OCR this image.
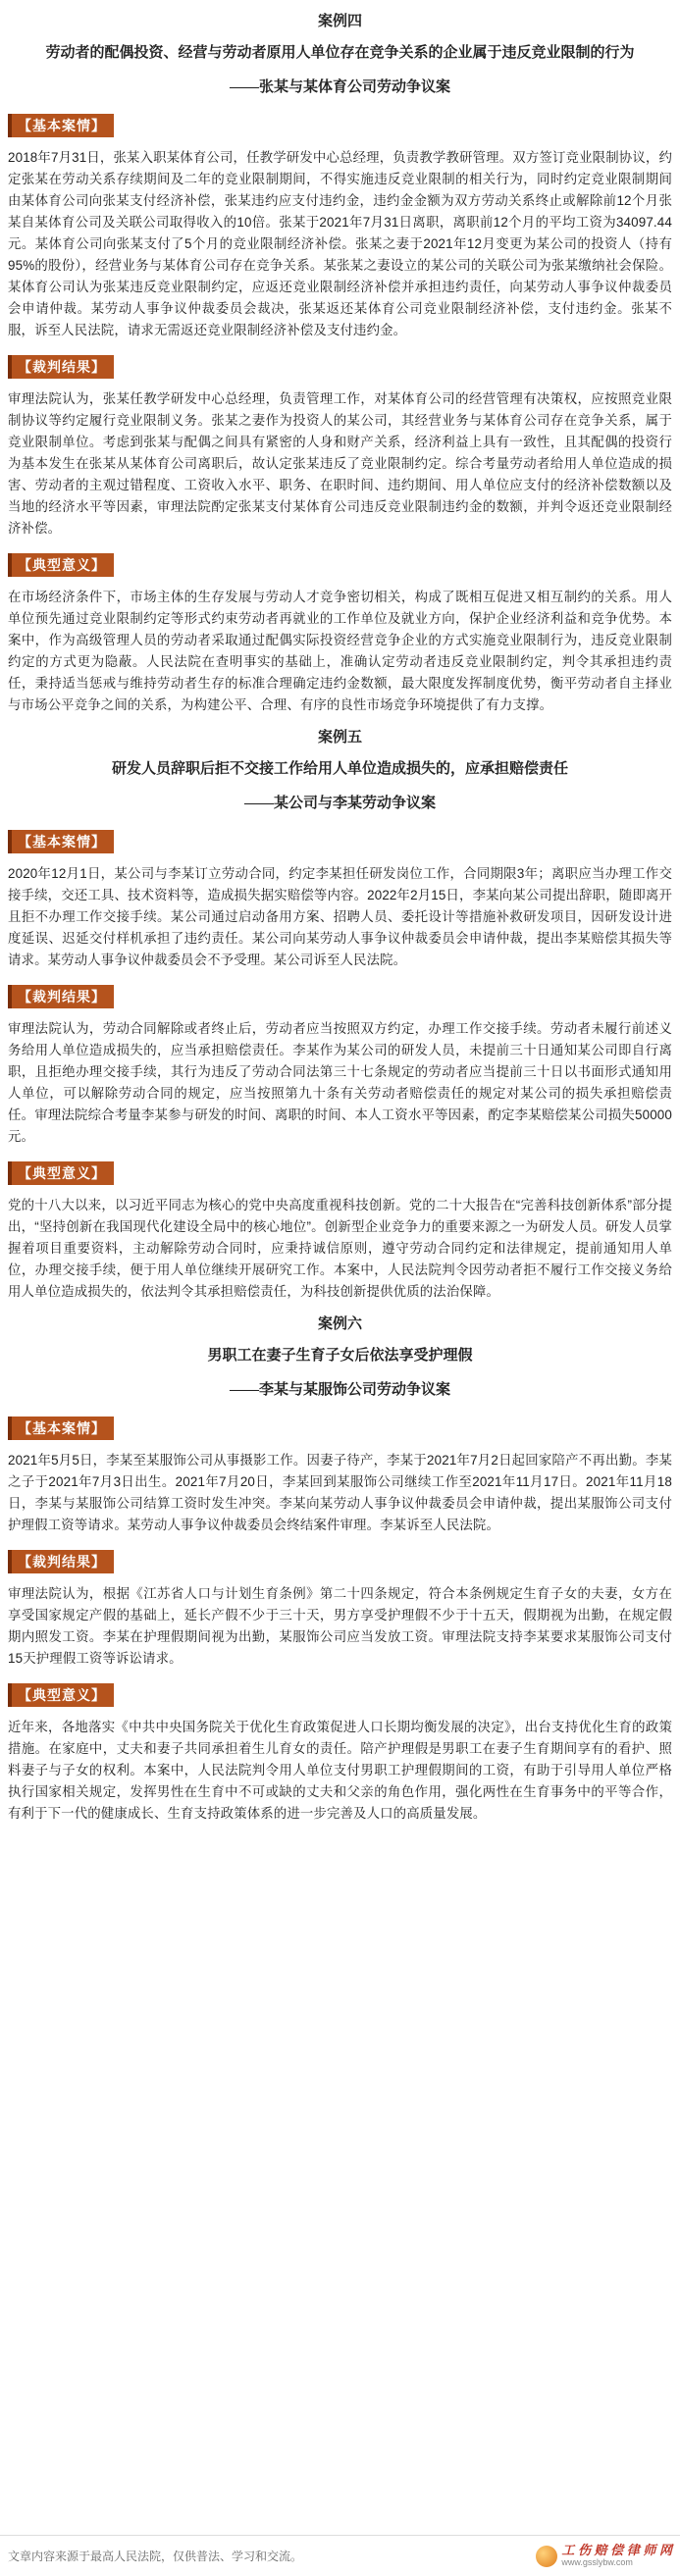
案例四
劳动者的配偶投资、经营与劳动者原用人单位存在竞争关系的企业属于违反竞业限制的行为
——张某与某体育公司劳动争议案
【基本案情】

2018年7月31日，张某入职某体育公司，任教学研发中心总经理，负责教学教研管理。双方签订竞业限制协议，约定张某在劳动关系存续期间及二年的竞业限制期间，不得实施违反竞业限制的相关行为，同时约定竞业限制期间由某体育公司向张某支付经济补偿，张某违约应支付违约金，违约金金额为双方劳动关系终止或解除前12个月张某自某体育公司及关联公司取得收入的10倍。张某于2021年7月31日离职，离职前12个月的平均工资为34097.44元。某体育公司向张某支付了5个月的竞业限制经济补偿。张某之妻于2021年12月变更为某公司的投资人（持有95%的股份），经营业务与某体育公司存在竞争关系。某张某之妻设立的某公司的关联公司为张某缴纳社会保险。某体育公司认为张某违反竞业限制约定，应返还竞业限制经济补偿并承担违约责任，向某劳动人事争议仲裁委员会申请仲裁。某劳动人事争议仲裁委员会裁决，张某返还某体育公司竞业限制经济补偿，支付违约金。张某不服，诉至人民法院，请求无需返还竞业限制经济补偿及支付违约金。

【裁判结果】

审理法院认为，张某任教学研发中心总经理，负责管理工作，对某体育公司的经营管理有决策权，应按照竞业限制协议等约定履行竞业限制义务。张某之妻作为投资人的某公司，其经营业务与某体育公司存在竞争关系，属于竞业限制单位。考虑到张某与配偶之间具有紧密的人身和财产关系，经济利益上具有一致性，且其配偶的投资行为基本发生在张某从某体育公司离职后，故认定张某违反了竞业限制约定。综合考量劳动者给用人单位造成的损害、劳动者的主观过错程度、工资收入水平、职务、在职时间、违约期间、用人单位应支付的经济补偿数额以及当地的经济水平等因素，审理法院酌定张某支付某体育公司违反竞业限制违约金的数额，并判令返还竞业限制经济补偿。

【典型意义】

在市场经济条件下，市场主体的生存发展与劳动人才竞争密切相关，构成了既相互促进又相互制约的关系。用人单位预先通过竞业限制约定等形式约束劳动者再就业的工作单位及就业方向，保护企业经济利益和竞争优势。本案中，作为高级管理人员的劳动者采取通过配偶实际投资经营竞争企业的方式实施竞业限制行为，违反竞业限制约定的方式更为隐蔽。人民法院在查明事实的基础上，准确认定劳动者违反竞业限制约定，判令其承担违约责任，秉持适当惩戒与维持劳动者生存的标准合理确定违约金数额，最大限度发挥制度优势，衡平劳动者自主择业与市场公平竞争之间的关系，为构建公平、合理、有序的良性市场竞争环境提供了有力支撑。

案例五
研发人员辞职后拒不交接工作给用人单位造成损失的，应承担赔偿责任
——某公司与李某劳动争议案
【基本案情】

2020年12月1日，某公司与李某订立劳动合同，约定李某担任研发岗位工作，合同期限3年；离职应当办理工作交接手续，交还工具、技术资料等，造成损失据实赔偿等内容。2022年2月15日，李某向某公司提出辞职，随即离开且拒不办理工作交接手续。某公司通过启动备用方案、招聘人员、委托设计等措施补救研发项目，因研发设计进度延误、迟延交付样机承担了违约责任。某公司向某劳动人事争议仲裁委员会申请仲裁，提出李某赔偿其损失等请求。某劳动人事争议仲裁委员会不予受理。某公司诉至人民法院。

【裁判结果】

审理法院认为，劳动合同解除或者终止后，劳动者应当按照双方约定，办理工作交接手续。劳动者未履行前述义务给用人单位造成损失的，应当承担赔偿责任。李某作为某公司的研发人员，未提前三十日通知某公司即自行离职，且拒绝办理交接手续，其行为违反了劳动合同法第三十七条规定的劳动者应当提前三十日以书面形式通知用人单位，可以解除劳动合同的规定，应当按照第九十条有关劳动者赔偿责任的规定对某公司的损失承担赔偿责任。审理法院综合考量李某参与研发的时间、离职的时间、本人工资水平等因素，酌定李某赔偿某公司损失50000元。

【典型意义】

党的十八大以来，以习近平同志为核心的党中央高度重视科技创新。党的二十大报告在“完善科技创新体系”部分提出，“坚持创新在我国现代化建设全局中的核心地位”。创新型企业竞争力的重要来源之一为研发人员。研发人员掌握着项目重要资料，主动解除劳动合同时，应秉持诚信原则，遵守劳动合同约定和法律规定，提前通知用人单位，办理交接手续，便于用人单位继续开展研究工作。本案中，人民法院判令因劳动者拒不履行工作交接义务给用人单位造成损失的，依法判令其承担赔偿责任，为科技创新提供优质的法治保障。

案例六
男职工在妻子生育子女后依法享受护理假
——李某与某服饰公司劳动争议案
【基本案情】

2021年5月5日，李某至某服饰公司从事摄影工作。因妻子待产，李某于2021年7月2日起回家陪产不再出勤。李某之子于2021年7月3日出生。2021年7月20日，李某回到某服饰公司继续工作至2021年11月17日。2021年11月18日，李某与某服饰公司结算工资时发生冲突。李某向某劳动人事争议仲裁委员会申请仲裁，提出某服饰公司支付护理假工资等请求。某劳动人事争议仲裁委员会终结案件审理。李某诉至人民法院。

【裁判结果】

审理法院认为，根据《江苏省人口与计划生育条例》第二十四条规定，符合本条例规定生育子女的夫妻，女方在享受国家规定产假的基础上，延长产假不少于三十天，男方享受护理假不少于十五天，假期视为出勤，在规定假期内照发工资。李某在护理假期间视为出勤，某服饰公司应当发放工资。审理法院支持李某要求某服饰公司支付15天护理假工资等诉讼请求。

【典型意义】

近年来，各地落实《中共中央国务院关于优化生育政策促进人口长期均衡发展的决定》，出台支持优化生育的政策措施。在家庭中，丈夫和妻子共同承担着生儿育女的责任。陪产护理假是男职工在妻子生育期间享有的看护、照料妻子与子女的权利。本案中，人民法院判令用人单位支付男职工护理假期间的工资，有助于引导用人单位严格执行国家相关规定，发挥男性在生育中不可或缺的丈夫和父亲的角色作用，强化两性在生育事务中的平等合作，有利于下一代的健康成长、生育支持政策体系的进一步完善及人口的高质量发展。

文章内容来源于最高人民法院，仅供普法、学习和交流。	工 伤 赔 偿 律 师 网
www.gsslybw.com
